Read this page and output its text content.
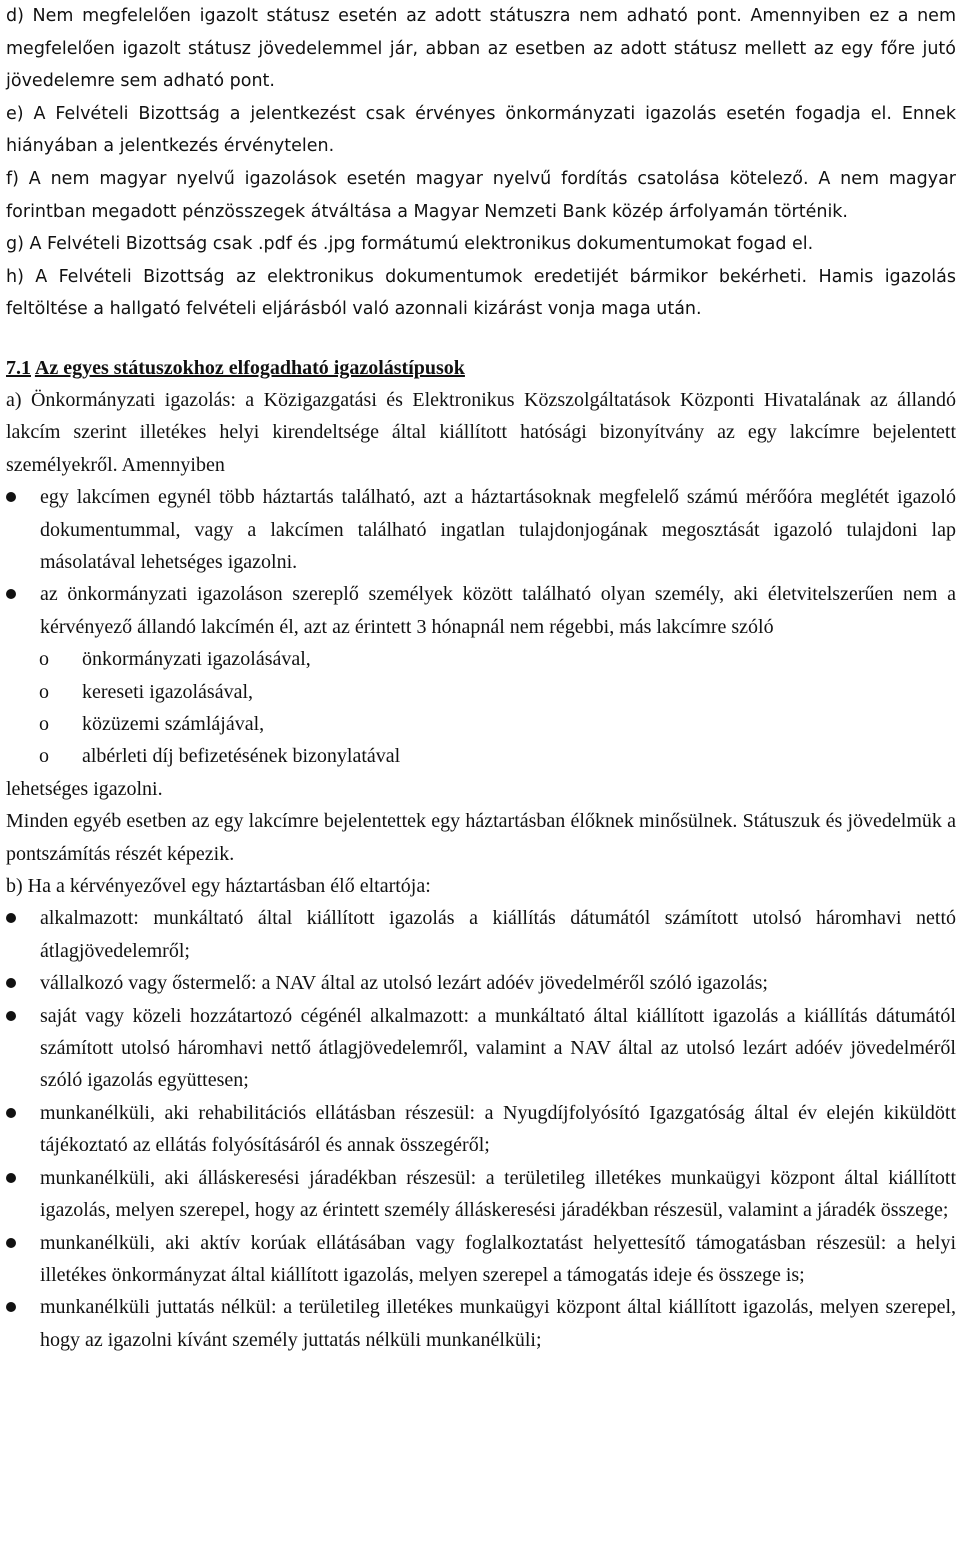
d) Nem megfelelően igazolt státusz esetén az adott státuszra nem adható pont. Amennyiben ez a nem megfelelően igazolt státusz jövedelemmel jár, abban az esetben az adott státusz mellett az egy főre jutó jövedelemre sem adható pont.

e) A Felvételi Bizottság a jelentkezést csak érvényes önkormányzati igazolás esetén fogadja el. Ennek hiányában a jelentkezés érvénytelen.

f) A nem magyar nyelvű igazolások esetén magyar nyelvű fordítás csatolása kötelező. A nem magyar forintban megadott pénzösszegek átváltása a Magyar Nemzeti Bank közép árfolyamán történik.

g) A Felvételi Bizottság csak .pdf és .jpg formátumú elektronikus dokumentumokat fogad el.

h) A Felvételi Bizottság az elektronikus dokumentumok eredetijét bármikor bekérheti. Hamis igazolás feltöltése a hallgató felvételi eljárásból való azonnali kizárást vonja maga után.

7.1 Az egyes státuszokhoz elfogadható igazolástípusok

a) Önkormányzati igazolás: a Közigazgatási és Elektronikus Közszolgáltatások Központi Hivatalának az állandó lakcím szerint illetékes helyi kirendeltsége által kiállított hatósági bizonyítvány az egy lakcímre bejelentett személyekről. Amennyiben

egy lakcímen egynél több háztartás található, azt a háztartásoknak megfelelő számú mérőóra meglétét igazoló dokumentummal, vagy a lakcímen található ingatlan tulajdonjogának megosztását igazoló tulajdoni lap másolatával lehetséges igazolni.
az önkormányzati igazoláson szereplő személyek között található olyan személy, aki életvitelszerűen nem a kérvényező állandó lakcímén él, azt az érintett 3 hónapnál nem régebbi, más lakcímre szóló
o önkormányzati igazolásával,
o kereseti igazolásával,
o közüzemi számlájával,
o albérleti díj befizetésének bizonylatával

lehetséges igazolni.

Minden egyéb esetben az egy lakcímre bejelentettek egy háztartásban élőknek minősülnek. Státuszuk és jövedelmük a pontszámítás részét képezik.

b) Ha a kérvényezővel egy háztartásban élő eltartója:

alkalmazott: munkáltató által kiállított igazolás a kiállítás dátumától számított utolsó háromhavi nettó átlagjövedelemről;
vállalkozó vagy őstermelő: a NAV által az utolsó lezárt adóév jövedelméről szóló igazolás;
saját vagy közeli hozzátartozó cégénél alkalmazott: a munkáltató által kiállított igazolás a kiállítás dátumától számított utolsó háromhavi nettő átlagjövedelemről, valamint a NAV által az utolsó lezárt adóév jövedelméről szóló igazolás együttesen;
munkanélküli, aki rehabilitációs ellátásban részesül: a Nyugdíjfolyósító Igazgatóság által év elején kiküldött tájékoztató az ellátás folyósításáról és annak összegéről;
munkanélküli, aki álláskeresési járadékban részesül: a területileg illetékes munkaügyi központ által kiállított igazolás, melyen szerepel, hogy az érintett személy álláskeresési járadékban részesül, valamint a járadék összege;
munkanélküli, aki aktív korúak ellátásában vagy foglalkoztatást helyettesítő támogatásban részesül: a helyi illetékes önkormányzat által kiállított igazolás, melyen szerepel a támogatás ideje és összege is;
munkanélküli juttatás nélkül: a területileg illetékes munkaügyi központ által kiállított igazolás, melyen szerepel, hogy az igazolni kívánt személy juttatás nélküli munkanélküli;
